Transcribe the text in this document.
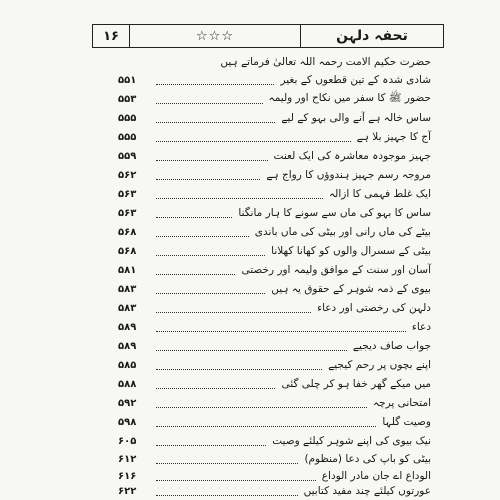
۱۶	☆☆☆	تحفہ دلہن
حضرت حکیم الامت رحمہ اللہ تعالیٰ فرماتے ہیں
شادی شدہ کے تین قطعوں کے بغیر
۵۵۱
حضور ﷺ کا سفر میں نکاح اور ولیمہ
۵۵۳
ساس خالہ ہے آنے والی بہو کے لیے
۵۵۵
آج کا جہیز بلا ہے
۵۵۵
جہیز موجودہ معاشرہ کی ایک لعنت
۵۵۹
مروجہ رسم جہیز ہندوؤں کا رواج ہے
۵۶۲
ایک غلط فہمی کا ازالہ
۵۶۳
ساس کا بہو کی ماں سے سونے کا ہار مانگنا
۵۶۳
بیٹے کی ماں رانی اور بیٹی کی ماں باندی
۵۶۸
بیٹی کے سسرال والوں کو کھانا کھلانا
۵۶۸
آسان اور سنت کے موافق ولیمہ اور رخصتی
۵۸۱
بیوی کے ذمہ شوہر کے حقوق یہ ہیں
۵۸۳
دلہن کی رخصتی اور دعاء
۵۸۳
دعاء
۵۸۹
جواب صاف دیجیے
۵۸۹
اپنے بچوں پر رحم کیجیے
۵۸۵
میں میکے گھر خفا ہو کر چلی گئی
۵۸۸
امتحانی پرچہ
۵۹۲
وصیت گلہا
۵۹۸
نیک بیوی کی اپنے شوہر کیلئے وصیت
۶۰۵
بیٹی کو باپ کی دعا (منظوم)
۶۱۲
الوداع اے جان مادر الوداع
۶۱۶
عورتوں کیلئے چند مفید کتابیں
۶۲۲
